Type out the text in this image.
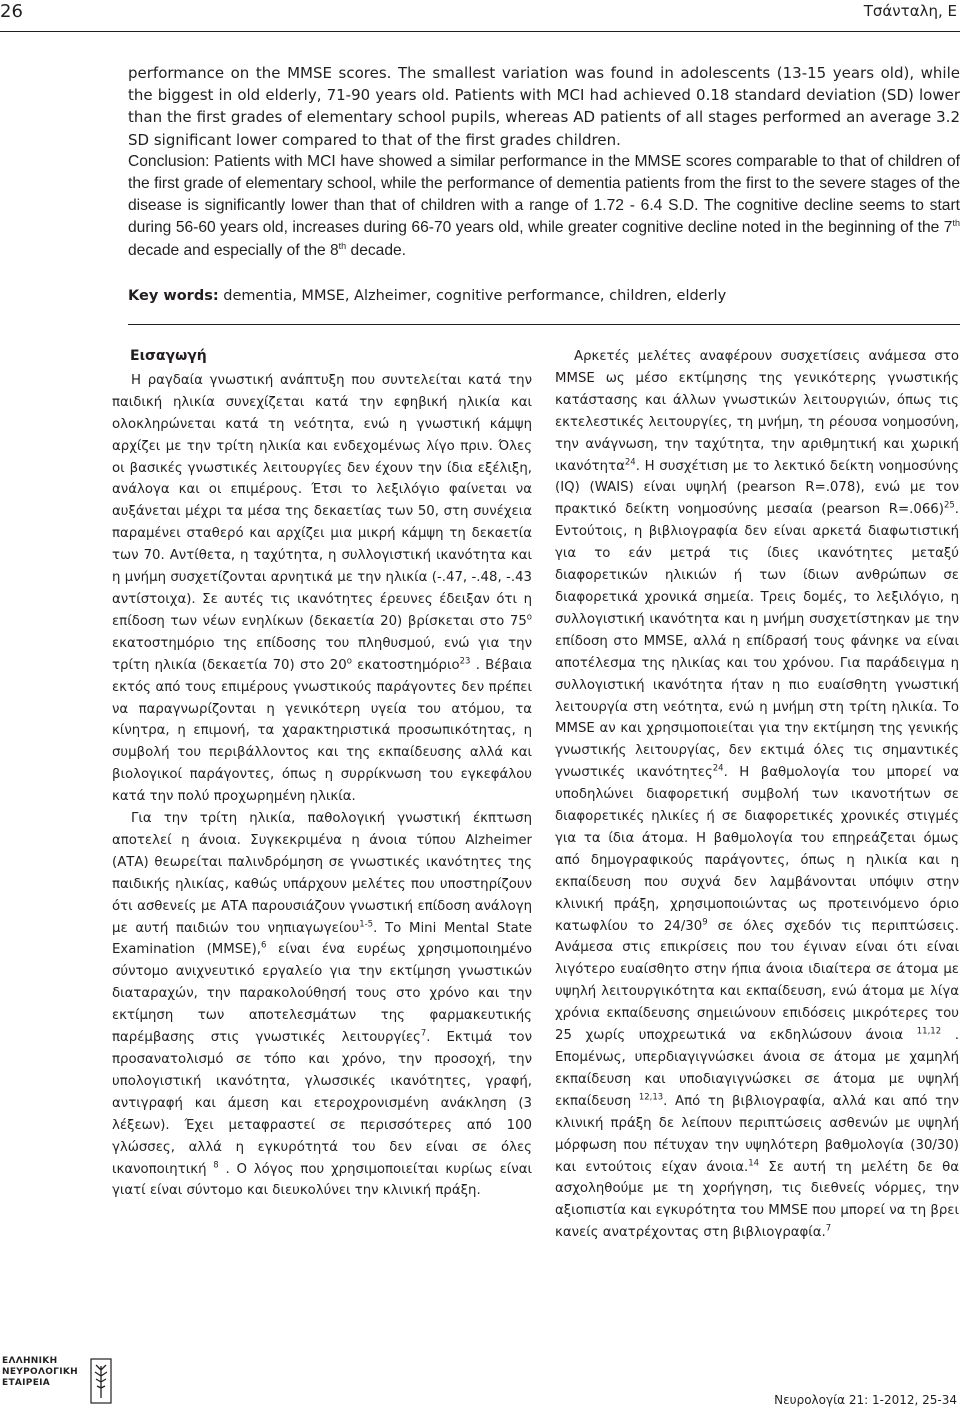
26	Τσάνταλη, Ε

performance on the MMSE scores. The smallest variation was found in adolescents (13-15 years old), while the biggest in old elderly, 71-90 years old. Patients with MCI had achieved 0.18 standard deviation (SD) lower than the first grades of elementary school pupils, whereas AD patients of all stages performed an average 3.2 SD significant lower compared to that of the first grades children.

Conclusion: Patients with MCI have showed a similar performance in the MMSE scores comparable to that of children of the first grade of elementary school, while the performance of dementia patients from the first to the severe stages of the disease is significantly lower than that of children with a range of 1.72 - 6.4 S.D. The cognitive decline seems to start during 56-60 years old, increases during 66-70 years old, while greater cognitive decline noted in the beginning of the 7th decade and especially of the 8th decade.

Key words: dementia, MMSE, Alzheimer, cognitive performance, children, elderly
Εισαγωγή

Η ραγδαία γνωστική ανάπτυξη που συντελείται κατά την παιδική ηλικία συνεχίζεται κατά την εφηβική ηλικία και ολοκληρώνεται κατά τη νεότητα, ενώ η γνωστική κάμψη αρχίζει με την τρίτη ηλικία και ενδεχομένως λίγο πριν. Όλες οι βασικές γνωστικές λειτουργίες δεν έχουν την ίδια εξέλιξη, ανάλογα και οι επιμέρους. Έτσι το λεξιλόγιο φαίνεται να αυξάνεται μέχρι τα μέσα της δεκαετίας των 50, στη συνέχεια παραμένει σταθερό και αρχίζει μια μικρή κάμψη τη δεκαετία των 70. Αντίθετα, η ταχύτητα, η συλλογιστική ικανότητα και η μνήμη συσχετίζονται αρνητικά με την ηλικία (-.47, -.48, -.43 αντίστοιχα). Σε αυτές τις ικανότητες έρευνες έδειξαν ότι η επίδοση των νέων ενηλίκων (δεκαετία 20) βρίσκεται στο $75^o$ εκατοστημόριο της επίδοσης του πληθυσμού, ενώ για την τρίτη ηλικία (δεκαετία 70) στο $20^o$ εκατοστημόριο$^{23}$ . Βέβαια εκτός από τους επιμέρους γνωστικούς παράγοντες δεν πρέπει να παραγνωρίζονται η γενικότερη υγεία του ατόμου, τα κίνητρα, η επιμονή, τα χαρακτηριστικά προσωπικότητας, η συμβολή του περιβάλλοντος και της εκπαίδευσης αλλά και βιολογικοί παράγοντες, όπως η συρρίκνωση του εγκεφάλου κατά την πολύ προχωρημένη ηλικία.

Για την τρίτη ηλικία, παθολογική γνωστική έκπτωση αποτελεί η άνοια. Συγκεκριμένα η άνοια τύπου Alzheimer (ΑΤΑ) θεωρείται παλινδρόμηση σε γνωστικές ικανότητες της παιδικής ηλικίας, καθώς υπάρχουν μελέτες που υποστηρίζουν ότι ασθενείς με ΑΤΑ παρουσιάζουν γνωστική επίδοση ανάλογη με αυτή παιδιών του νηπιαγωγείου$^{1-5}$. Το Mini Mental State Examination (MMSE),$^6$ είναι ένα ευρέως χρησιμοποιημένο σύντομο ανιχνευτικό εργαλείο για την εκτίμηση γνωστικών διαταραχών, την παρακολούθησή τους στο χρόνο και την εκτίμηση των αποτελεσμάτων της φαρμακευτικής παρέμβασης στις γνωστικές λειτουργίες$^7$. Εκτιμά τον προσανατολισμό σε τόπο και χρόνο, την προσοχή, την υπολογιστική ικανότητα, γλωσσικές ικανότητες, γραφή, αντιγραφή και άμεση και ετεροχρονισμένη ανάκληση (3 λέξεων). Έχει μεταφραστεί σε περισσότερες από 100 γλώσσες, αλλά η εγκυρότητά του δεν είναι σε όλες ικανοποιητική $^8$ . Ο λόγος που χρησιμοποιείται κυρίως είναι γιατί είναι σύντομο και διευκολύνει την κλινική πράξη.

Αρκετές μελέτες αναφέρουν συσχετίσεις ανάμεσα στο MMSE ως μέσο εκτίμησης της γενικότερης γνωστικής κατάστασης και άλλων γνωστικών λειτουργιών, όπως τις εκτελεστικές λειτουργίες, τη μνήμη, τη ρέουσα νοημοσύνη, την ανάγνωση, την ταχύτητα, την αριθμητική και χωρική ικανότητα$^{24}$. Η συσχέτιση με το λεκτικό δείκτη νοημοσύνης (IQ) (WAIS) είναι υψηλή (pearson R=.078), ενώ με τον πρακτικό δείκτη νοημοσύνης μεσαία (pearson R=.066)$^{25}$. Εντούτοις, η βιβλιογραφία δεν είναι αρκετά διαφωτιστική για το εάν μετρά τις ίδιες ικανότητες μεταξύ διαφορετικών ηλικιών ή των ίδιων ανθρώπων σε διαφορετικά χρονικά σημεία. Τρεις δομές, το λεξιλόγιο, η συλλογιστική ικανότητα και η μνήμη συσχετίστηκαν με την επίδοση στο MMSE, αλλά η επίδρασή τους φάνηκε να είναι αποτέλεσμα της ηλικίας και του χρόνου. Για παράδειγμα η συλλογιστική ικανότητα ήταν η πιο ευαίσθητη γνωστική λειτουργία στη νεότητα, ενώ η μνήμη στη τρίτη ηλικία. Το MMSE αν και χρησιμοποιείται για την εκτίμηση της γενικής γνωστικής λειτουργίας, δεν εκτιμά όλες τις σημαντικές γνωστικές ικανότητες$^{24}$. Η βαθμολογία του μπορεί να υποδηλώνει διαφορετική συμβολή των ικανοτήτων σε διαφορετικές ηλικίες ή σε διαφορετικές χρονικές στιγμές για τα ίδια άτομα. Η βαθμολογία του επηρεάζεται όμως από δημογραφικούς παράγοντες, όπως η ηλικία και η εκπαίδευση που συχνά δεν λαμβάνονται υπόψιν στην κλινική πράξη, χρησιμοποιώντας ως προτεινόμενο όριο κατωφλίου το $24/30^9$ σε όλες σχεδόν τις περιπτώσεις. Ανάμεσα στις επικρίσεις που του έγιναν είναι ότι είναι λιγότερο ευαίσθητο στην ήπια άνοια ιδιαίτερα σε άτομα με υψηλή λειτουργικότητα και εκπαίδευση, ενώ άτομα με λίγα χρόνια εκπαίδευσης σημειώνουν επιδόσεις μικρότερες του 25 χωρίς υποχρεωτικά να εκδηλώσουν άνοια $^{11,12}$ . Επομένως, υπερδιαγιγνώσκει άνοια σε άτομα με χαμηλή εκπαίδευση και υποδιαγιγνώσκει σε άτομα με υψηλή εκπαίδευση $^{12,13}$. Από τη βιβλιογραφία, αλλά και από την κλινική πράξη δε λείπουν περιπτώσεις ασθενών με υψηλή μόρφωση που πέτυχαν την υψηλότερη βαθμολογία (30/30) και εντούτοις είχαν άνοια.$^{14}$ Σε αυτή τη μελέτη δε θα ασχοληθούμε με τη χορήγηση, τις διεθνείς νόρμες, την αξιοπιστία και εγκυρότητα του MMSE που μπορεί να τη βρει κανείς ανατρέχοντας στη βιβλιογραφία.$^7$

ΕΛΛΗΝΙΚΗ
ΝΕΥΡΟΛΟΓΙΚΗ
ΕΤΑΙΡΕΙΑ
Νευρολογία 21: 1-2012, 25-34
